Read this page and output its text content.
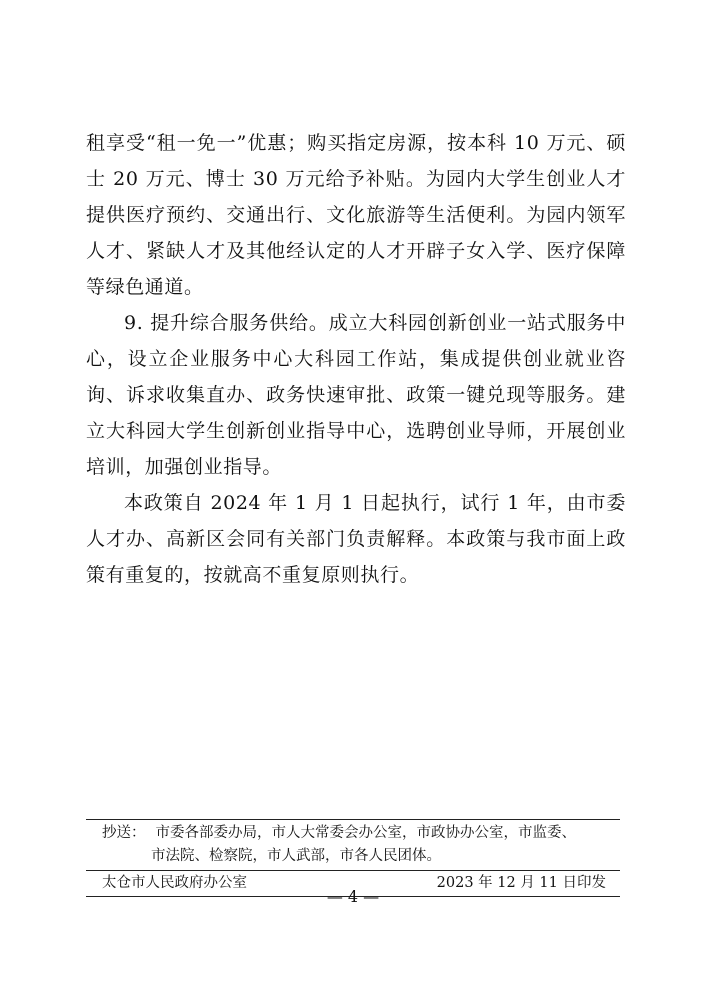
租享受“租一免一”优惠；购买指定房源，按本科 10 万元、硕士 20 万元、博士 30 万元给予补贴。为园内大学生创业人才提供医疗预约、交通出行、文化旅游等生活便利。为园内领军人才、紧缺人才及其他经认定的人才开辟子女入学、医疗保障等绿色通道。

9. 提升综合服务供给。成立大科园创新创业一站式服务中心，设立企业服务中心大科园工作站，集成提供创业就业咨询、诉求收集直办、政务快速审批、政策一键兑现等服务。建立大科园大学生创新创业指导中心，选聘创业导师，开展创业培训，加强创业指导。

本政策自 2024 年 1 月 1 日起执行，试行 1 年，由市委人才办、高新区会同有关部门负责解释。本政策与我市面上政策有重复的，按就高不重复原则执行。

抄送： 市委各部委办局，市人大常委会办公室，市政协办公室，市监委、
市法院、检察院，市人武部，市各人民团体。
太仓市人民政府办公室	2023 年 12 月 11 日印发
— 4 —
